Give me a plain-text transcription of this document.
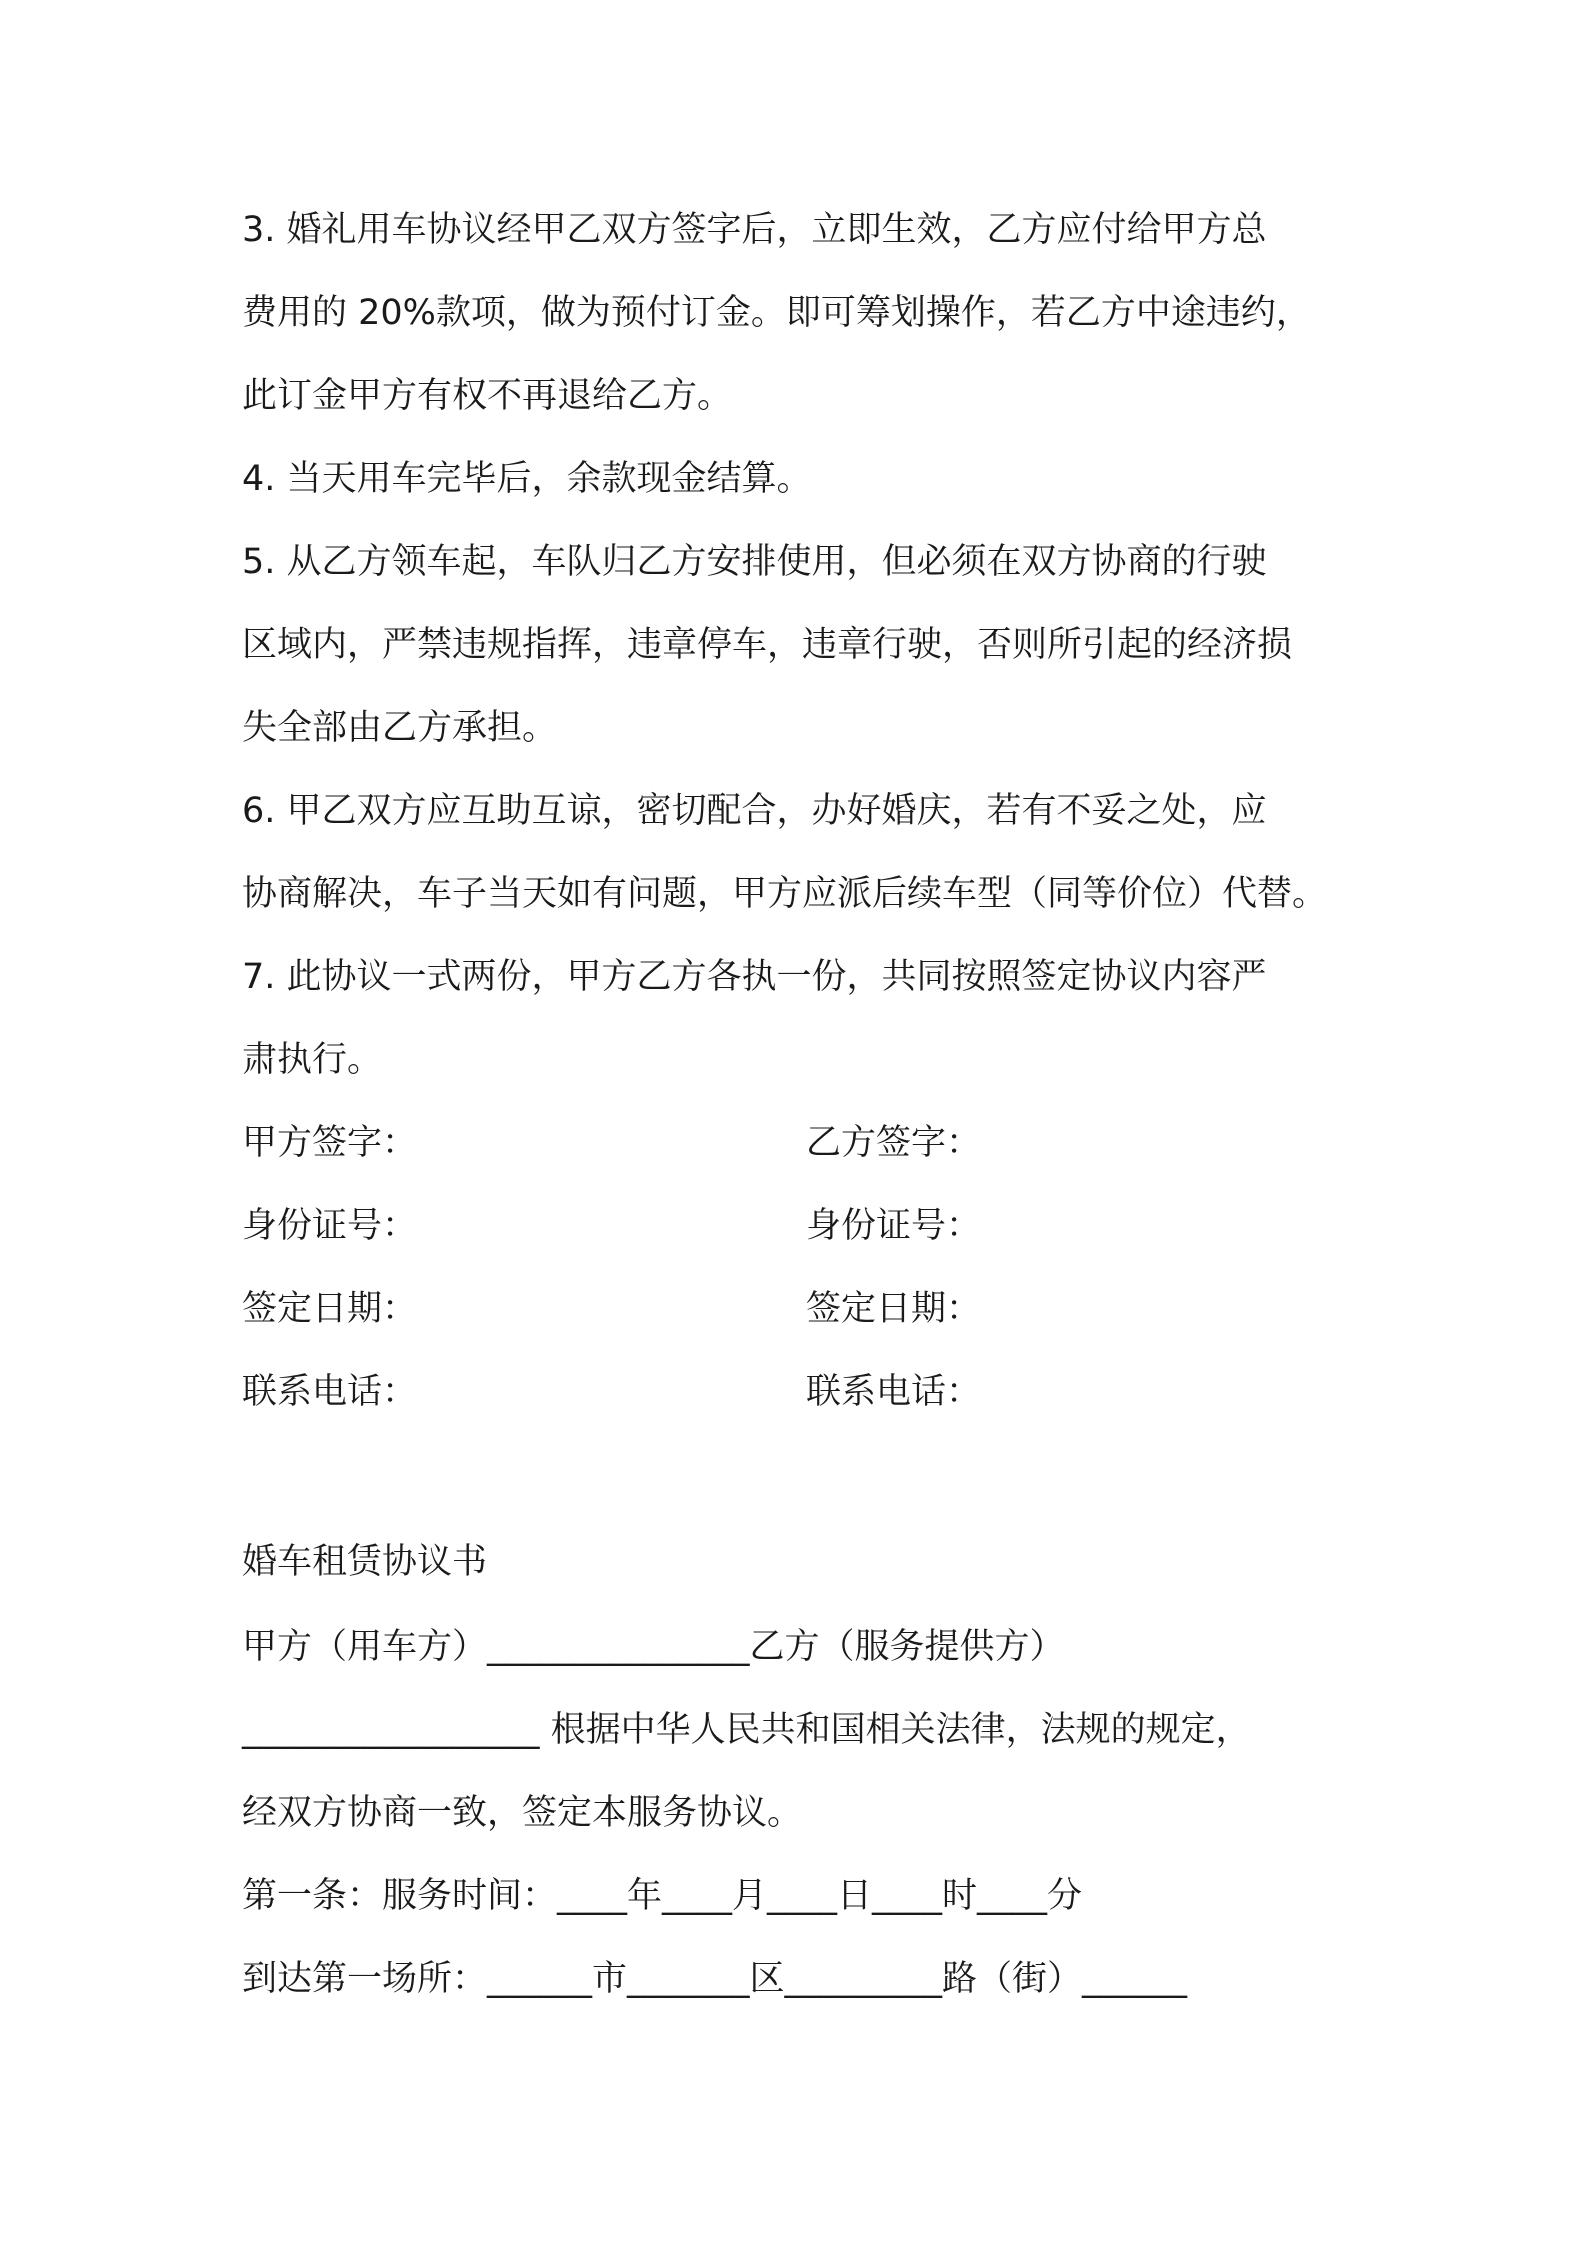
3. 婚礼用车协议经甲乙双方签字后，立即生效，乙方应付给甲方总
费用的 20%款项，做为预付订金。即可筹划操作，若乙方中途违约，
此订金甲方有权不再退给乙方。
4. 当天用车完毕后，余款现金结算。
5. 从乙方领车起，车队归乙方安排使用，但必须在双方协商的行驶
区域内，严禁违规指挥，违章停车，违章行驶，否则所引起的经济损
失全部由乙方承担。
6. 甲乙双方应互助互谅，密切配合，办好婚庆，若有不妥之处，应
协商解决，车子当天如有问题，甲方应派后续车型（同等价位）代替。
7. 此协议一式两份，甲方乙方各执一份，共同按照签定协议内容严
肃执行。
甲方签字：
身份证号：
签定日期：
联系电话：
乙方签字：
身份证号：
签定日期：
联系电话：
婚车租赁协议书
甲方（用车方）_______________乙方（服务提供方）
_________________ 根据中华人民共和国相关法律，法规的规定，
经双方协商一致，签定本服务协议。
第一条：服务时间：____年____月____日____时____分
到达第一场所：______市_______区_________路（街）______
